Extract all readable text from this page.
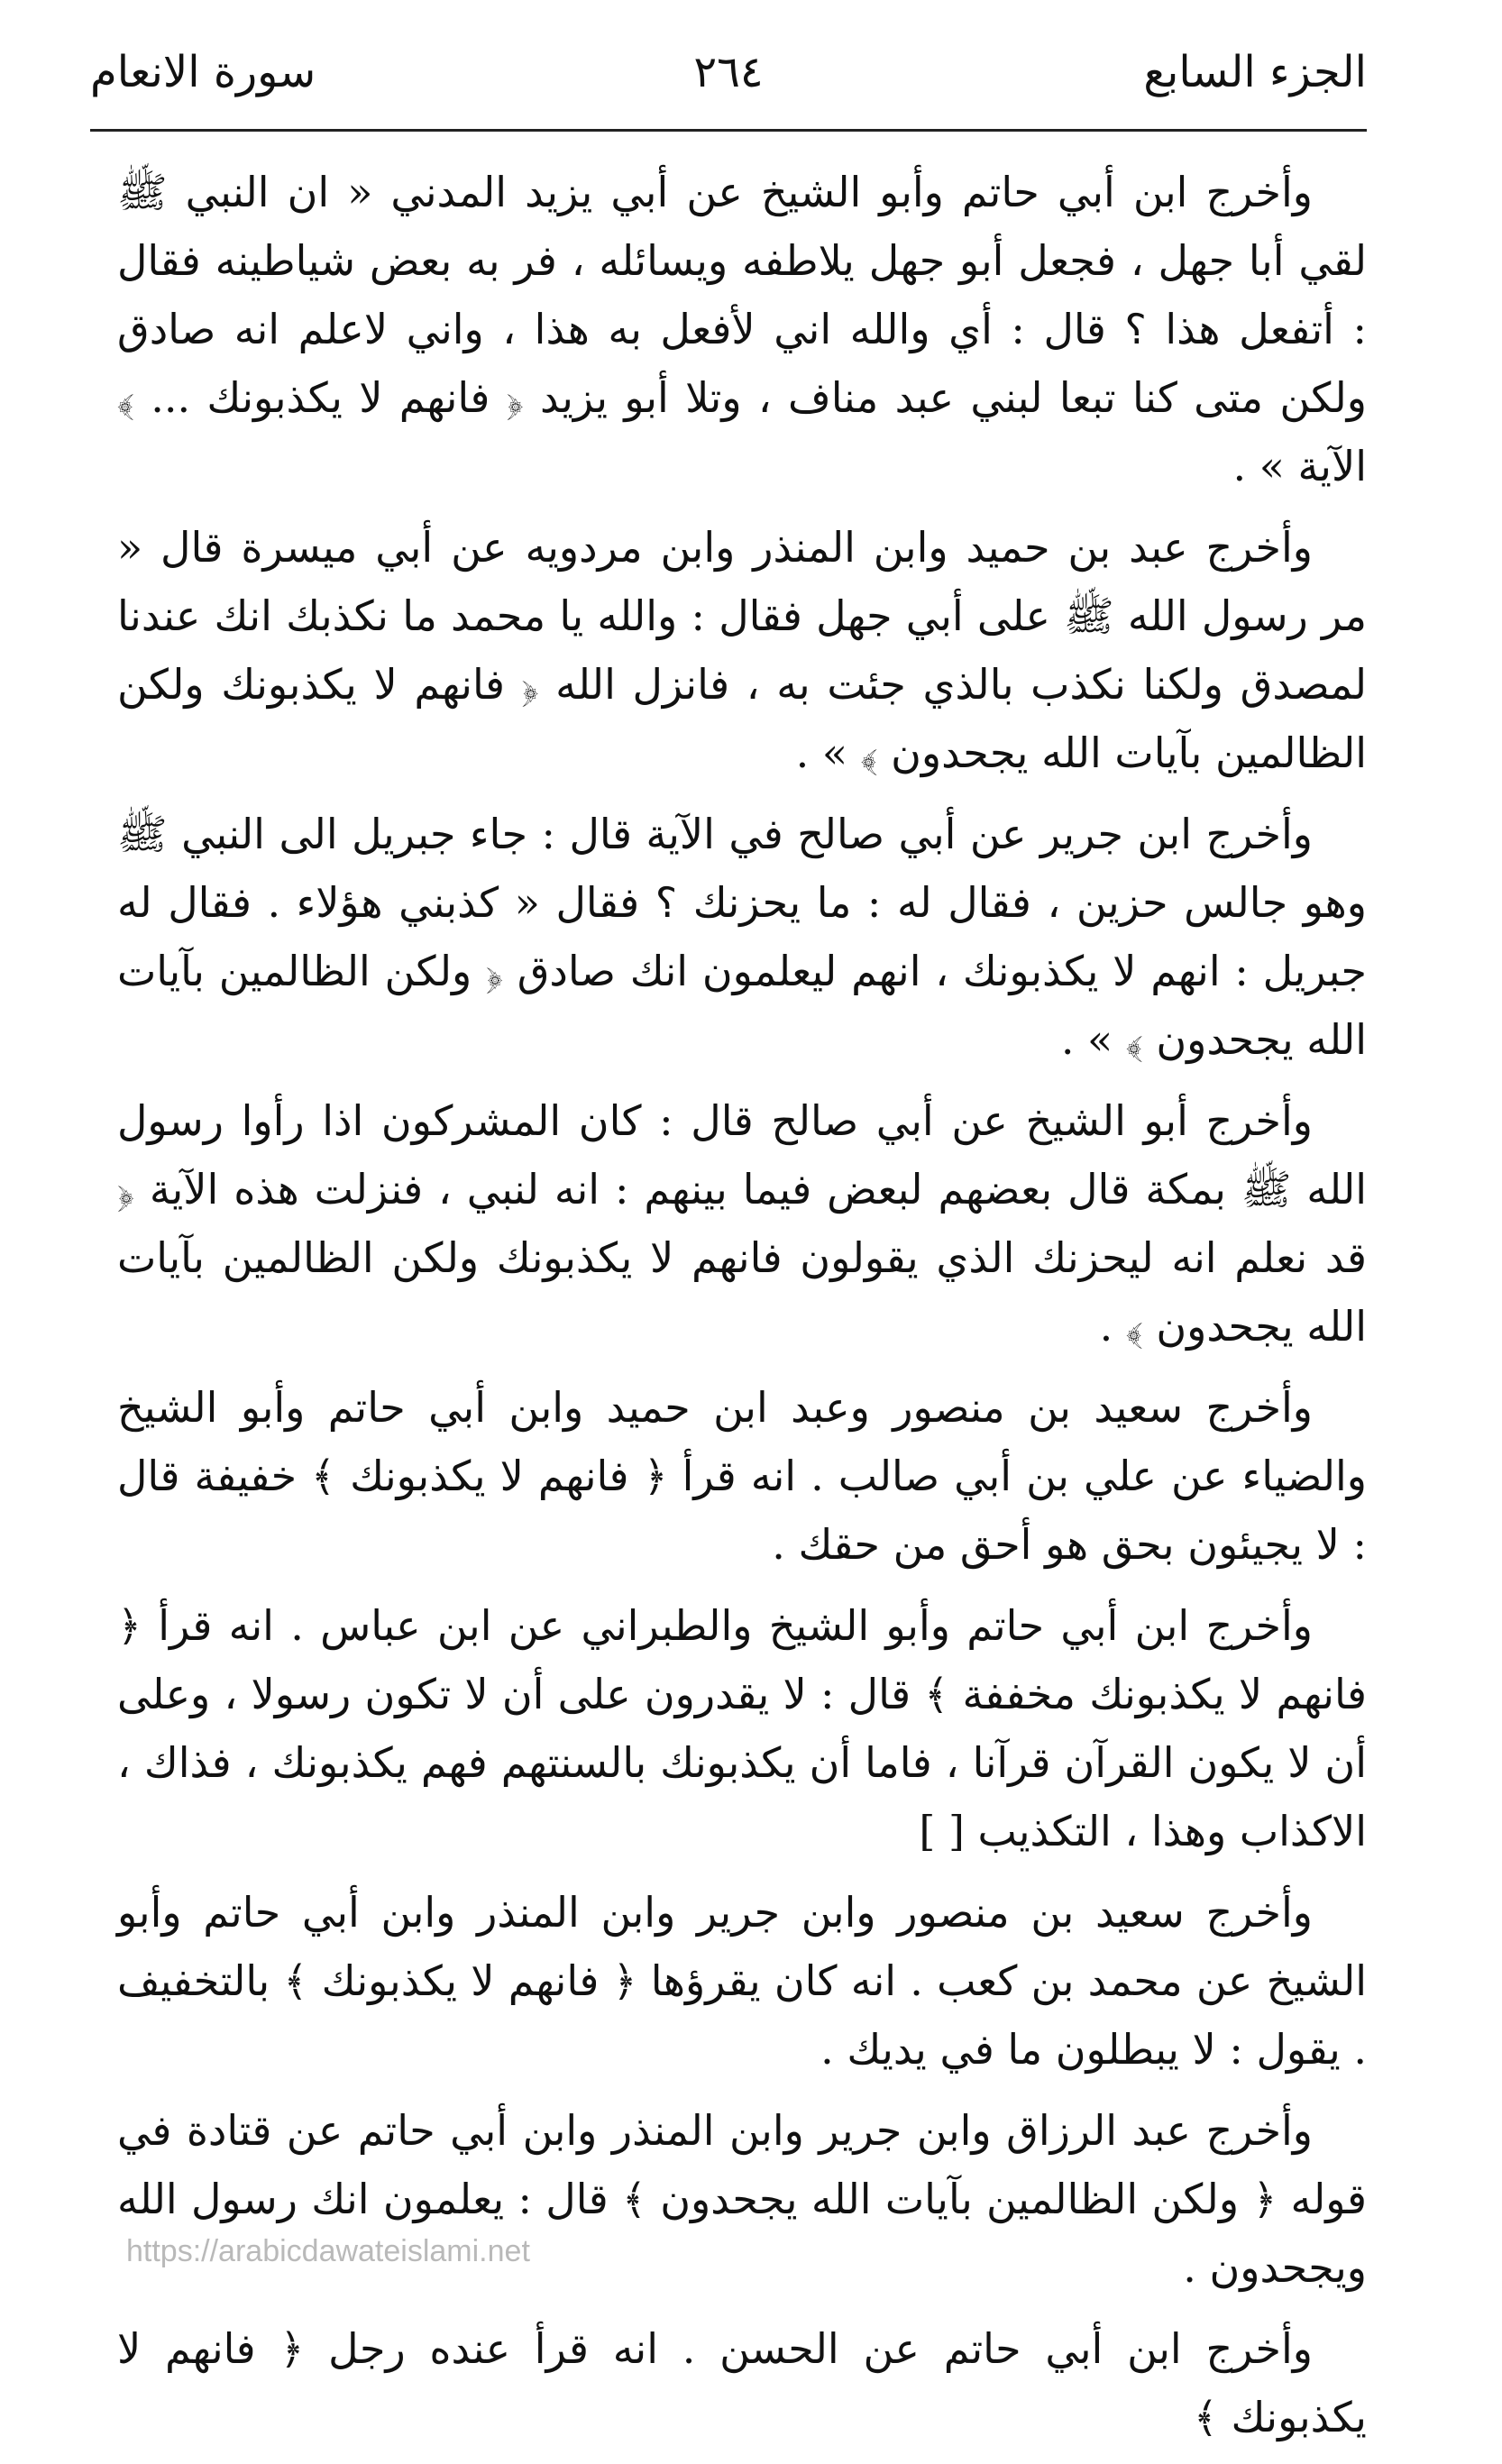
الجزء السابع
٢٦٤
سورة الانعام

وأخرج ابن أبي حاتم وأبو الشيخ عن أبي يزيد المدني « ان النبي ﷺ لقي أبا جهل ، فجعل أبو جهل يلاطفه ويسائله ، فر به بعض شياطينه فقال : أتفعل هذا ؟ قال : أي والله اني لأفعل به هذا ، واني لاعلم انه صادق ولكن متى كنا تبعا لبني عبد مناف ، وتلا أبو يزيد ﴿ فانهم لا يكذبونك ... ﴾ الآية » .

وأخرج عبد بن حميد وابن المنذر وابن مردويه عن أبي ميسرة قال « مر رسول الله ﷺ على أبي جهل فقال : والله يا محمد ما نكذبك انك عندنا لمصدق ولكنا نكذب بالذي جئت به ، فانزل الله ﴿ فانهم لا يكذبونك ولكن الظالمين بآيات الله يجحدون ﴾ » .

وأخرج ابن جرير عن أبي صالح في الآية قال : جاء جبريل الى النبي ﷺ وهو جالس حزين ، فقال له : ما يحزنك ؟ فقال « كذبني هؤلاء . فقال له جبريل : انهم لا يكذبونك ، انهم ليعلمون انك صادق ﴿ ولكن الظالمين بآيات الله يجحدون ﴾ » .

وأخرج أبو الشيخ عن أبي صالح قال : كان المشركون اذا رأوا رسول الله ﷺ بمكة قال بعضهم لبعض فيما بينهم : انه لنبي ، فنزلت هذه الآية ﴿ قد نعلم انه ليحزنك الذي يقولون فانهم لا يكذبونك ولكن الظالمين بآيات الله يجحدون ﴾ .

وأخرج سعيد بن منصور وعبد ابن حميد وابن أبي حاتم وأبو الشيخ والضياء عن علي بن أبي صالب . انه قرأ ﴿ فانهم لا يكذبونك ﴾ خفيفة قال : لا يجيئون بحق هو أحق من حقك .

وأخرج ابن أبي حاتم وأبو الشيخ والطبراني عن ابن عباس . انه قرأ ﴿ فانهم لا يكذبونك مخففة ﴾ قال : لا يقدرون على أن لا تكون رسولا ، وعلى أن لا يكون القرآن قرآنا ، فاما أن يكذبونك بالسنتهم فهم يكذبونك ، فذاك ، الاكذاب وهذا ، التكذيب [ ]

وأخرج سعيد بن منصور وابن جرير وابن المنذر وابن أبي حاتم وأبو الشيخ عن محمد بن كعب . انه كان يقرؤها ﴿ فانهم لا يكذبونك ﴾ بالتخفيف . يقول : لا يبطلون ما في يديك .

وأخرج عبد الرزاق وابن جرير وابن المنذر وابن أبي حاتم عن قتادة في قوله ﴿ ولكن الظالمين بآيات الله يجحدون ﴾ قال : يعلمون انك رسول الله ويجحدون .

وأخرج ابن أبي حاتم عن الحسن . انه قرأ عنده رجل ﴿ فانهم لا يكذبونك ﴾

https://arabicdawateislami.net
